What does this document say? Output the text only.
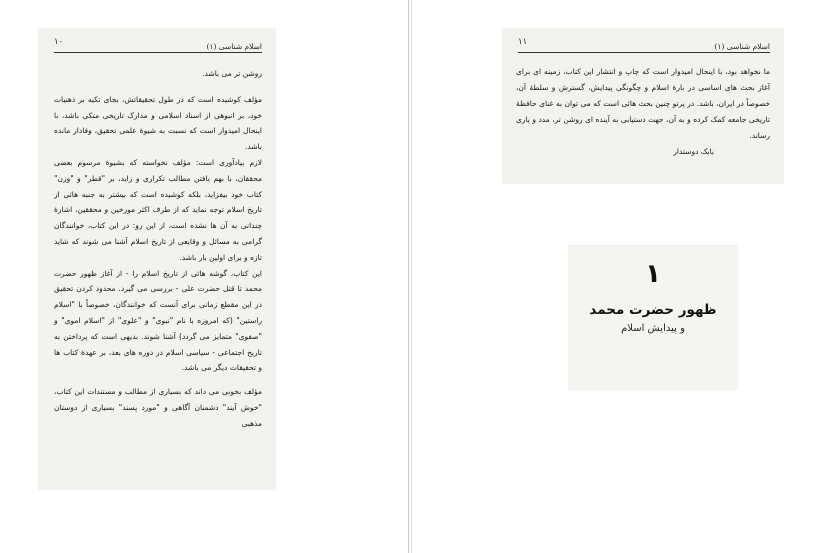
اسلام شناسی (۱)
۱۰

روشن تر می باشد.

مؤلف کوشیده است که در طول تحقیقاتش، بجای تکیه بر ذهنیات خود، بر انبوهی از اسناد اسلامی و مدارک تاریخی متکی باشد، با اینحال امیدوار است که نسبت به شیوهٔ علمی تحقیق، وفادار مانده باشد.

لازم بیادآوری است: مؤلف نخواسته که بشیوهٔ مرسوم بعضی محققان، با بهم بافتن مطالب تکراری و زاید، بر "قطر" و "وزن" کتاب خود بیفزاید، بلکه کوشیده است که بیشتر به جنبه هائی از تاریخ اسلام توجه نماید که از طرف اکثر مورخین و محققین، اشارهٔ چندانی به آن ها نشده است، از این رو: در این کتاب، خوانندگان گرامی به مسائل و وقایعی از تاریخ اسلام آشنا می شوند که شاید تازه و برای اولین بار باشد.

این کتاب، گوشه هائی از تاریخ اسلام را - از آغاز ظهور حضرت محمد تا قتل حضرت علی - بررسی می گیرد. محدود کردن تحقیق در این مقطع زمانی برای آنست که خوانندگان، خصوصاً با "اسلام راستین" (که امروزه با نام "نبوی" و "علوی" از "اسلام اموی" و "صفوی" متمایز می گردد) آشنا شوند. بدیهی است که پرداختن به تاریخ اجتماعی - سیاسی اسلام در دوره های بعد، بر عهدهٔ کتاب ها و تحقیقات دیگر می باشد.

مؤلف بخوبی می داند که بسیاری از مطالب و مستندات این کتاب، "خوش آیند" دشمنان آگاهی و "مورد پسند" بسیاری از دوستان مذهبی

اسلام شناسی (۱)
۱۱

ما نخواهد بود، با اینحال امیدوار است که چاپ و انتشار این کتاب، زمینه ای برای آغاز بحث های اساسی در بارهٔ اسلام و چگونگی پیدایش، گسترش و سلطهٔ آن، خصوصاً در ایران، باشد. در پرتو چنین بحث هائی است که می توان به غنای حافظهٔ تاریخی جامعه کمک کرده و به آن، جهت دستیابی به آینده ای روشن تر، مدد و یاری رساند.

بابک دوستدار

۱
ظهور حضرت محمد
و پیدایش اسلام
